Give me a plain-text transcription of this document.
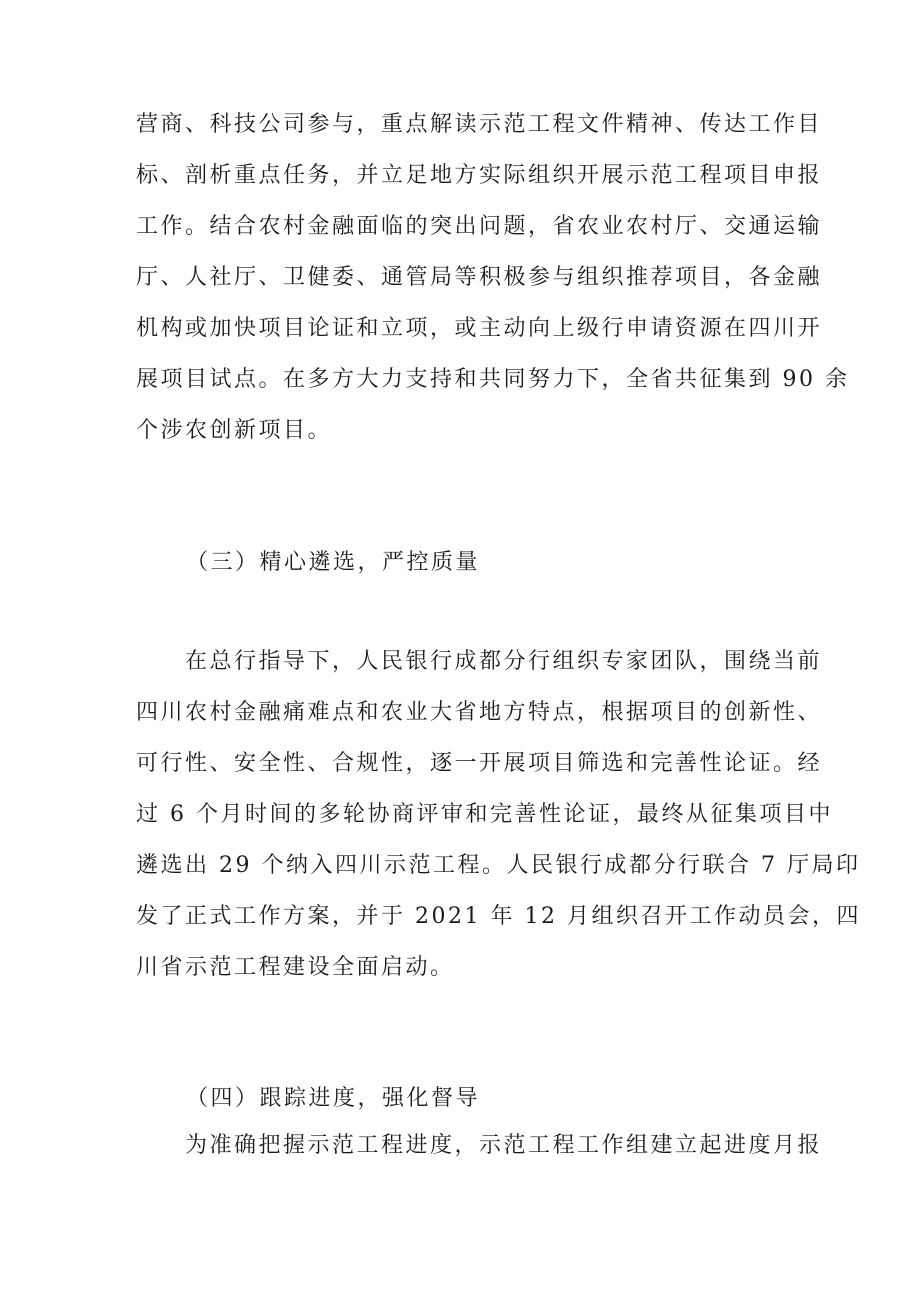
营商、科技公司参与，重点解读示范工程文件精神、传达工作目
标、剖析重点任务，并立足地方实际组织开展示范工程项目申报
工作。结合农村金融面临的突出问题，省农业农村厅、交通运输
厅、人社厅、卫健委、通管局等积极参与组织推荐项目，各金融
机构或加快项目论证和立项，或主动向上级行申请资源在四川开
展项目试点。在多方大力支持和共同努力下，全省共征集到 90 余
个涉农创新项目。
（三）精心遴选，严控质量
　　在总行指导下，人民银行成都分行组织专家团队，围绕当前
四川农村金融痛难点和农业大省地方特点，根据项目的创新性、
可行性、安全性、合规性，逐一开展项目筛选和完善性论证。经
过 6 个月时间的多轮协商评审和完善性论证，最终从征集项目中
遴选出 29 个纳入四川示范工程。人民银行成都分行联合 7 厅局印
发了正式工作方案，并于 2021 年 12 月组织召开工作动员会，四
川省示范工程建设全面启动。
（四）跟踪进度，强化督导
　　为准确把握示范工程进度，示范工程工作组建立起进度月报
